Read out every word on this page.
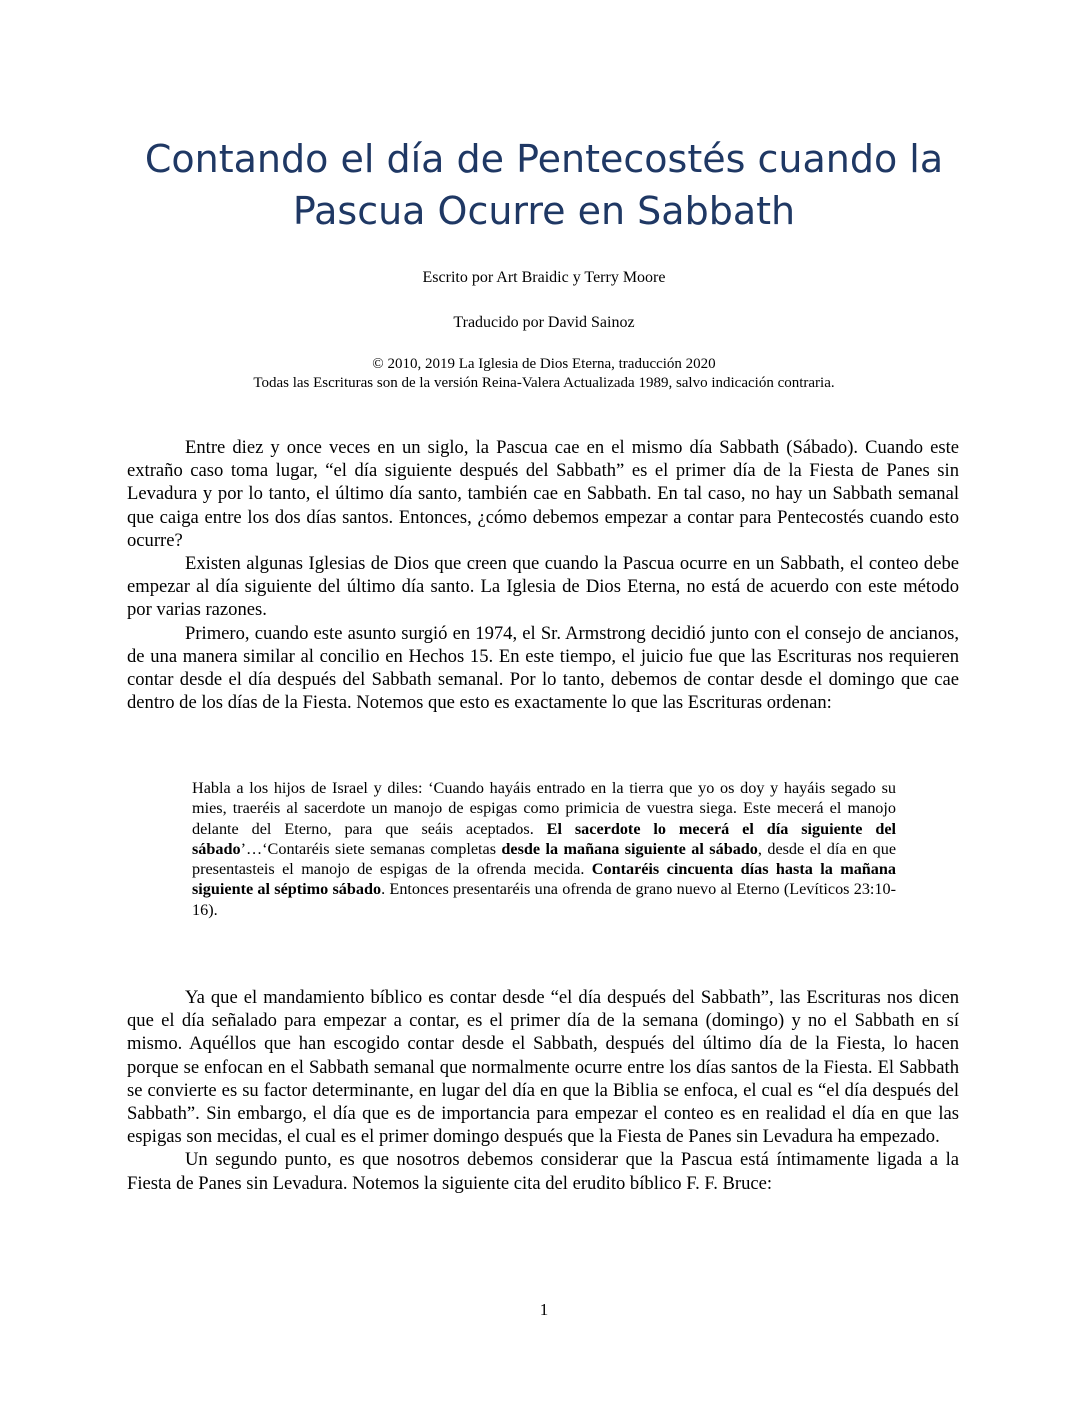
Contando el día de Pentecostés cuando la
Pascua Ocurre en Sabbath
Escrito por Art Braidic y Terry Moore
Traducido por David Sainoz
© 2010, 2019 La Iglesia de Dios Eterna, traducción 2020
Todas las Escrituras son de la versión Reina-Valera Actualizada 1989, salvo indicación contraria.

Entre diez y once veces en un siglo, la Pascua cae en el mismo día Sabbath (Sábado). Cuando este extraño caso toma lugar, “el día siguiente después del Sabbath” es el primer día de la Fiesta de Panes sin Levadura y por lo tanto, el último día santo, también cae en Sabbath. En tal caso, no hay un Sabbath semanal que caiga entre los dos días santos. Entonces, ¿cómo debemos empezar a contar para Pentecostés cuando esto ocurre?

Existen algunas Iglesias de Dios que creen que cuando la Pascua ocurre en un Sabbath, el conteo debe empezar al día siguiente del último día santo. La Iglesia de Dios Eterna, no está de acuerdo con este método por varias razones.

Primero, cuando este asunto surgió en 1974, el Sr. Armstrong decidió junto con el consejo de ancianos, de una manera similar al concilio en Hechos 15. En este tiempo, el juicio fue que las Escrituras nos requieren contar desde el día después del Sabbath semanal. Por lo tanto, debemos de contar desde el domingo que cae dentro de los días de la Fiesta. Notemos que esto es exactamente lo que las Escrituras ordenan:

Habla a los hijos de Israel y diles: ‘Cuando hayáis entrado en la tierra que yo os doy y hayáis segado su mies, traeréis al sacerdote un manojo de espigas como primicia de vuestra siega. Este mecerá el manojo delante del Eterno, para que seáis aceptados. El sacerdote lo mecerá el día siguiente del sábado’…‘Contaréis siete semanas completas desde la mañana siguiente al sábado, desde el día en que presentasteis el manojo de espigas de la ofrenda mecida. Contaréis cincuenta días hasta la mañana siguiente al séptimo sábado. Entonces presentaréis una ofrenda de grano nuevo al Eterno (Levíticos 23:10-16).

Ya que el mandamiento bíblico es contar desde “el día después del Sabbath”, las Escrituras nos dicen que el día señalado para empezar a contar, es el primer día de la semana (domingo) y no el Sabbath en sí mismo. Aquéllos que han escogido contar desde el Sabbath, después del último día de la Fiesta, lo hacen porque se enfocan en el Sabbath semanal que normalmente ocurre entre los días santos de la Fiesta. El Sabbath se convierte es su factor determinante, en lugar del día en que la Biblia se enfoca, el cual es “el día después del Sabbath”. Sin embargo, el día que es de importancia para empezar el conteo es en realidad el día en que las espigas son mecidas, el cual es el primer domingo después que la Fiesta de Panes sin Levadura ha empezado.

Un segundo punto, es que nosotros debemos considerar que la Pascua está íntimamente ligada a la Fiesta de Panes sin Levadura. Notemos la siguiente cita del erudito bíblico F. F. Bruce:

1
